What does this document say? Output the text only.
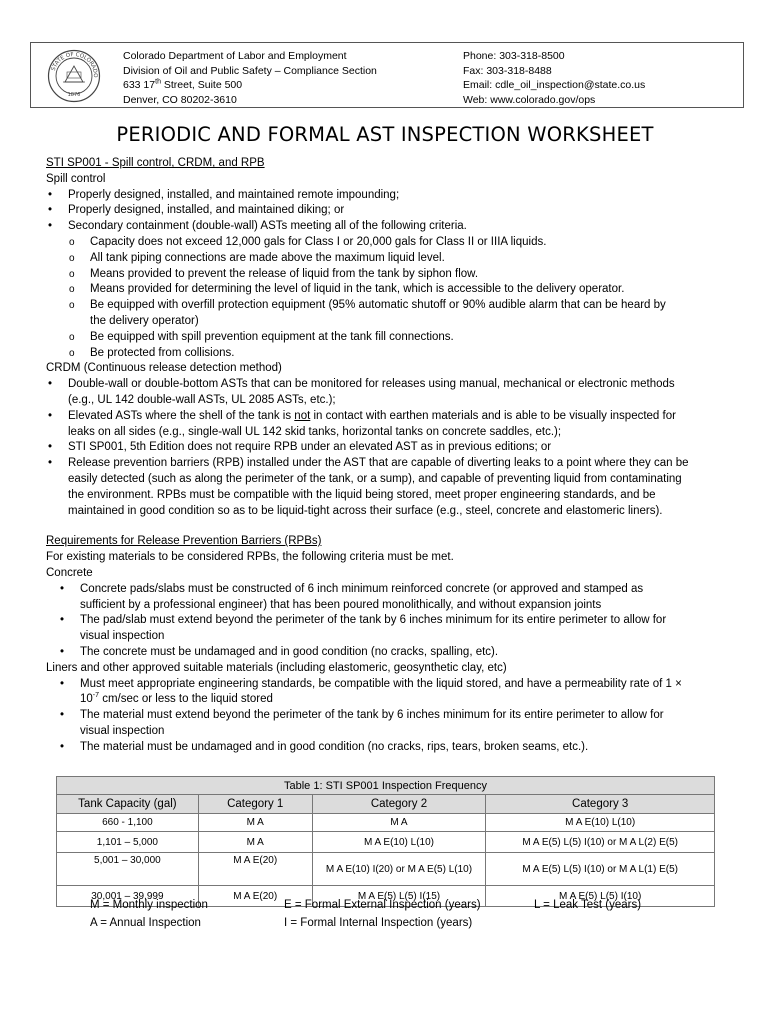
STATE OF COLORADO
1876
Colorado Department of Labor and Employment
Division of Oil and Public Safety – Compliance Section
633 17th Street, Suite 500
Denver, CO 80202-3610
Phone: 303-318-8500
Fax: 303-318-8488
Email: cdle_oil_inspection@state.co.us
Web: www.colorado.gov/ops
PERIODIC AND FORMAL AST INSPECTION WORKSHEET
STI SP001 - Spill control, CRDM, and RPB
Spill control
• Properly designed, installed, and maintained remote impounding;
• Properly designed, installed, and maintained diking; or
• Secondary containment (double-wall) ASTs meeting all of the following criteria.
o Capacity does not exceed 12,000 gals for Class I or 20,000 gals for Class II or IIIA liquids.
o All tank piping connections are made above the maximum liquid level.
o Means provided to prevent the release of liquid from the tank by siphon flow.
o Means provided for determining the level of liquid in the tank, which is accessible to the delivery operator.
o Be equipped with overfill protection equipment (95% automatic shutoff or 90% audible alarm that can be heard by
the delivery operator)
o Be equipped with spill prevention equipment at the tank fill connections.
o Be protected from collisions.
CRDM (Continuous release detection method)
• Double-wall or double-bottom ASTs that can be monitored for releases using manual, mechanical or electronic methods
(e.g., UL 142 double-wall ASTs, UL 2085 ASTs, etc.);
• Elevated ASTs where the shell of the tank is not in contact with earthen materials and is able to be visually inspected for
leaks on all sides (e.g., single-wall UL 142 skid tanks, horizontal tanks on concrete saddles, etc.);
• STI SP001, 5th Edition does not require RPB under an elevated AST as in previous editions; or
• Release prevention barriers (RPB) installed under the AST that are capable of diverting leaks to a point where they can be
easily detected (such as along the perimeter of the tank, or a sump), and capable of preventing liquid from contaminating
the environment. RPBs must be compatible with the liquid being stored, meet proper engineering standards, and be
maintained in good condition so as to be liquid-tight across their surface (e.g., steel, concrete and elastomeric liners).
Requirements for Release Prevention Barriers (RPBs)
For existing materials to be considered RPBs, the following criteria must be met.
Concrete
• Concrete pads/slabs must be constructed of 6 inch minimum reinforced concrete (or approved and stamped as
sufficient by a professional engineer) that has been poured monolithically, and without expansion joints
• The pad/slab must extend beyond the perimeter of the tank by 6 inches minimum for its entire perimeter to allow for
visual inspection
• The concrete must be undamaged and in good condition (no cracks, spalling, etc).
Liners and other approved suitable materials (including elastomeric, geosynthetic clay, etc)
• Must meet appropriate engineering standards, be compatible with the liquid stored, and have a permeability rate of 1 ×
$10^{-7}$ cm/sec or less to the liquid stored
• The material must extend beyond the perimeter of the tank by 6 inches minimum for its entire perimeter to allow for
visual inspection
• The material must be undamaged and in good condition (no cracks, rips, tears, broken seams, etc.).
Table 1: STI SP001 Inspection Frequency			
Tank Capacity (gal)	Category 1	Category 2	Category 3
660 - 1,100	M A	M A	M A E(10) L(10)
1,101 – 5,000	M A	M A E(10) L(10)	M A E(5) L(5) I(10) or M A L(2) E(5)
5,001 – 30,000	M A E(20)	M A E(10) I(20) or M A E(5) L(10)	M A E(5) L(5) I(10) or M A L(1) E(5)
30,001 – 39,999	M A E(20)	M A E(5) L(5) I(15)	M A E(5) L(5) I(10)
M = Monthly inspection
A = Annual Inspection
E = Formal External Inspection (years)
I = Formal Internal Inspection (years)
L = Leak Test (years)
